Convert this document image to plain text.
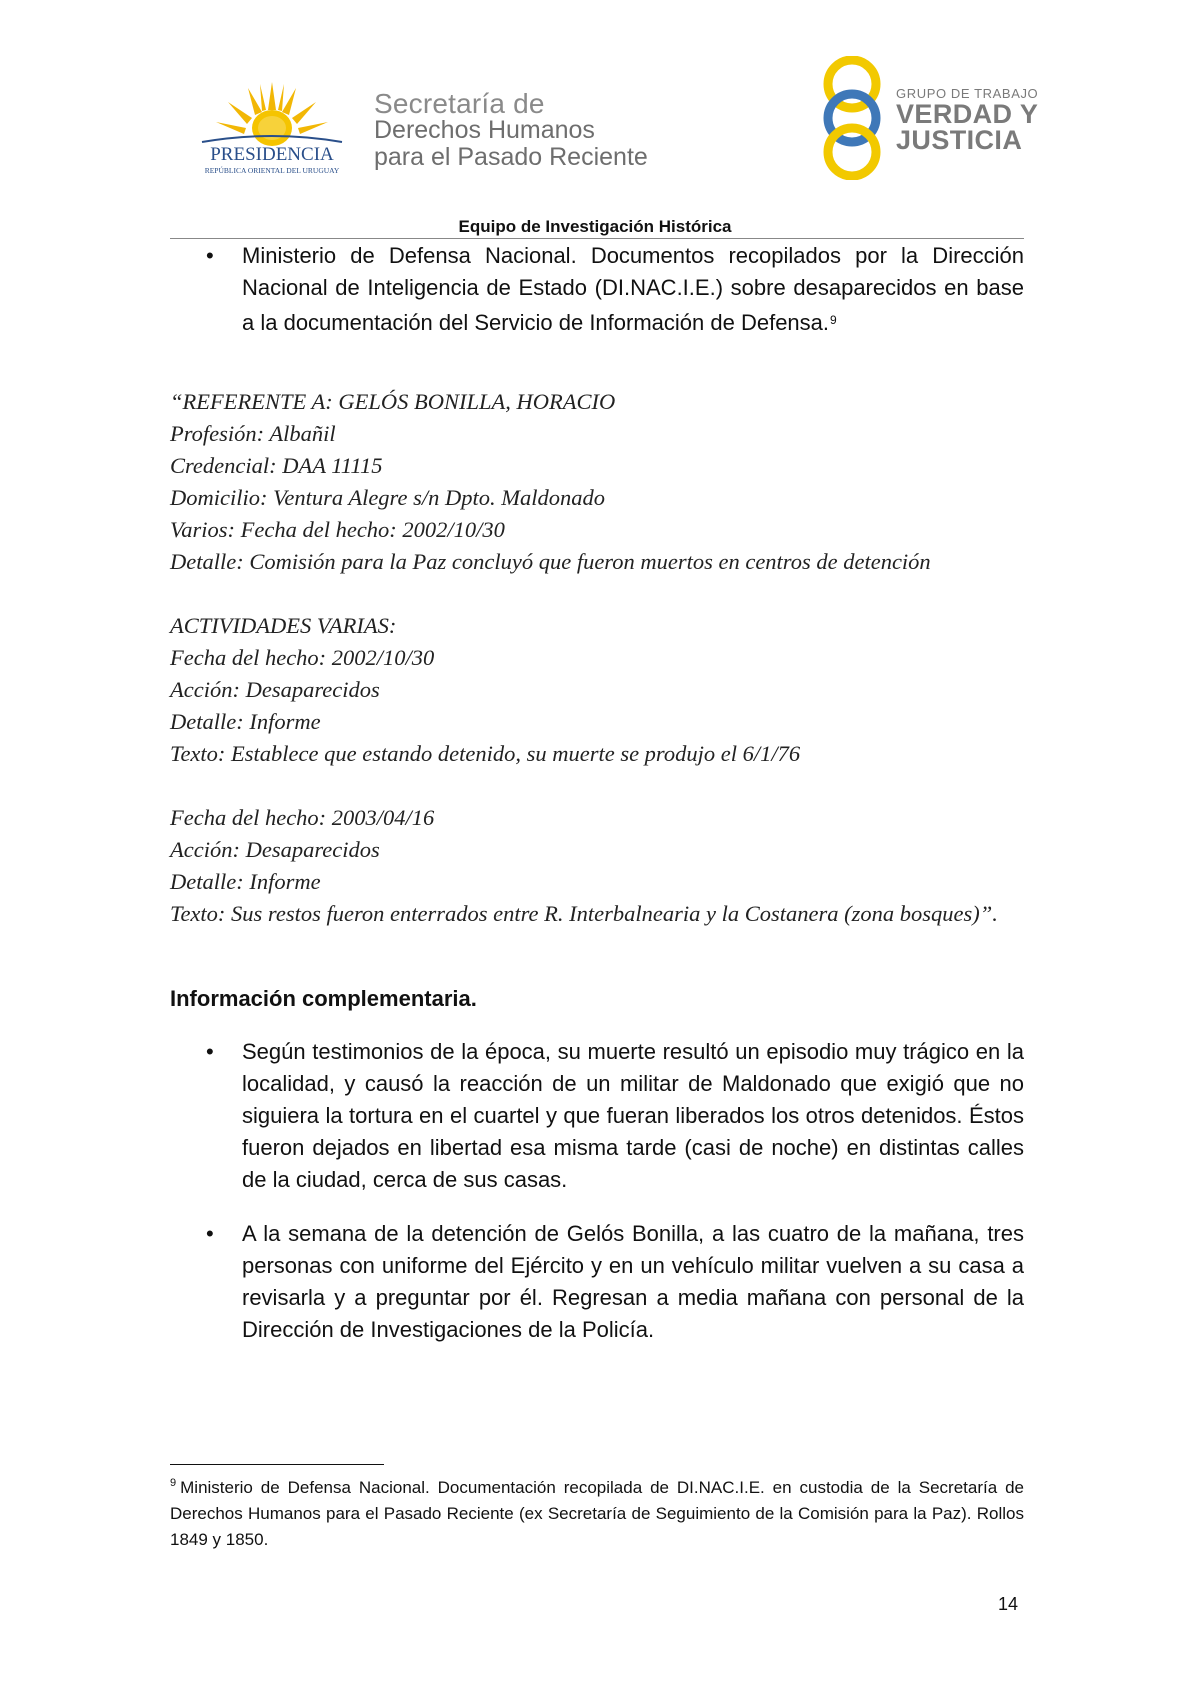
PRESIDENCIA
REPÚBLICA ORIENTAL DEL URUGUAY
Secretaría de
Derechos Humanos
para el Pasado Reciente
GRUPO DE TRABAJO
VERDAD Y
JUSTICIA
Equipo de Investigación Histórica
•	Ministerio de Defensa Nacional. Documentos recopilados por la Dirección Nacional de Inteligencia de Estado (DI.NAC.I.E.) sobre desaparecidos en base a la documentación del Servicio de Información de Defensa.$^9$

“REFERENTE A: GELÓS BONILLA, HORACIO

Profesión: Albañil

Credencial: DAA 11115

Domicilio: Ventura Alegre s/n Dpto. Maldonado

Varios: Fecha del hecho: 2002/10/30

Detalle: Comisión para la Paz concluyó que fueron muertos en centros de detención

ACTIVIDADES VARIAS:

Fecha del hecho: 2002/10/30

Acción: Desaparecidos

Detalle: Informe

Texto: Establece que estando detenido, su muerte se produjo el 6/1/76

Fecha del hecho: 2003/04/16

Acción: Desaparecidos

Detalle: Informe

Texto: Sus restos fueron enterrados entre R. Interbalnearia y la Costanera (zona bosques)”.

Información complementaria.
•	Según testimonios de la época, su muerte resultó un episodio muy trágico en la localidad, y causó la reacción de un militar de Maldonado que exigió que no siguiera la tortura en el cuartel y que fueran liberados los otros detenidos. Éstos fueron dejados en libertad esa misma tarde (casi de noche) en distintas calles de la ciudad, cerca de sus casas.
•	A la semana de la detención de Gelós Bonilla, a las cuatro de la mañana, tres personas con uniforme del Ejército y en un vehículo militar vuelven a su casa a revisarla y a preguntar por él. Regresan a media mañana con personal de la Dirección de Investigaciones de la Policía.
$^9$ Ministerio de Defensa Nacional. Documentación recopilada de DI.NAC.I.E. en custodia de la Secretaría de Derechos Humanos para el Pasado Reciente (ex Secretaría de Seguimiento de la Comisión para la Paz). Rollos 1849 y 1850.
14
